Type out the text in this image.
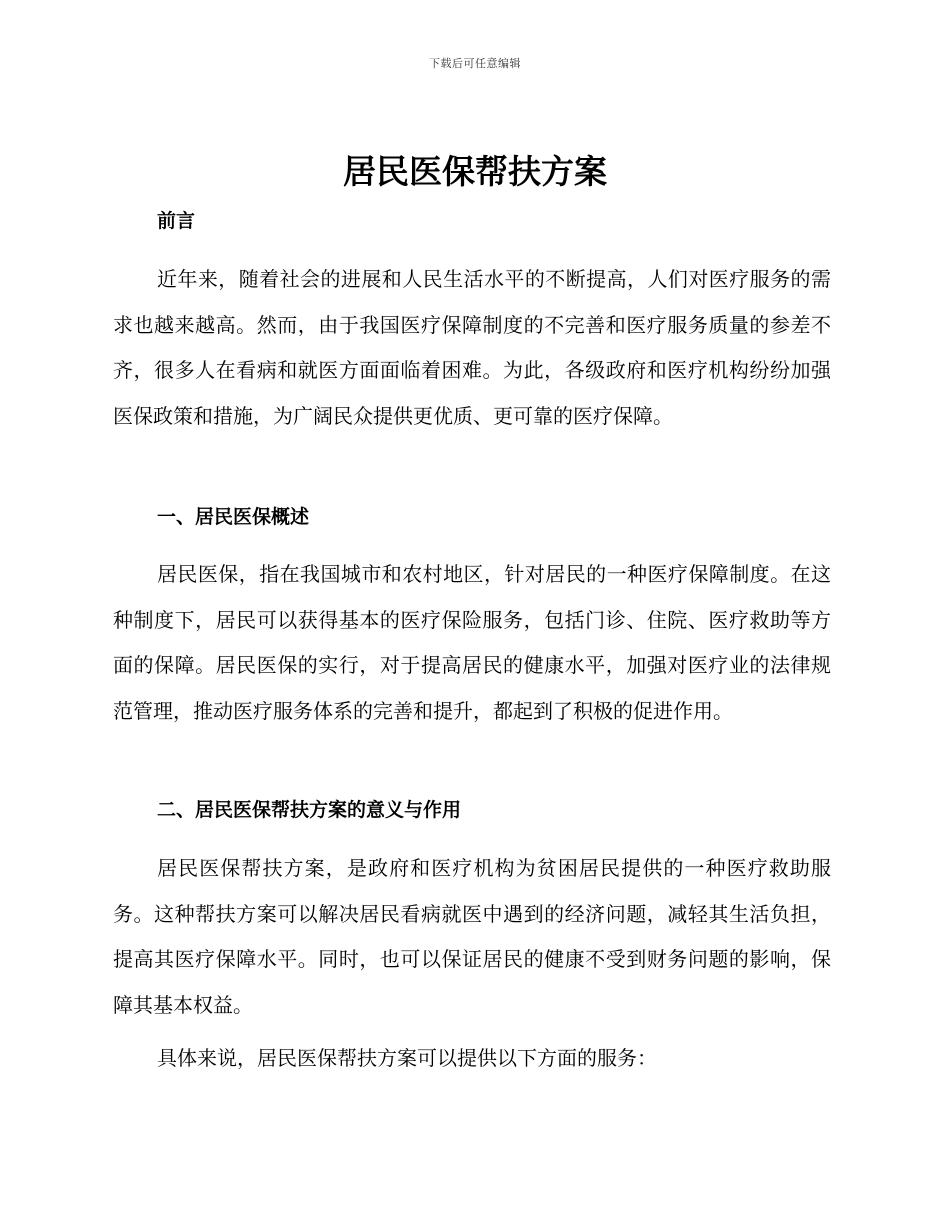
下载后可任意编辑
居民医保帮扶方案
前言

近年来，随着社会的进展和人民生活水平的不断提高，人们对医疗服务的需求也越来越高。然而，由于我国医疗保障制度的不完善和医疗服务质量的参差不齐，很多人在看病和就医方面面临着困难。为此，各级政府和医疗机构纷纷加强医保政策和措施，为广阔民众提供更优质、更可靠的医疗保障。

一、居民医保概述

居民医保，指在我国城市和农村地区，针对居民的一种医疗保障制度。在这种制度下，居民可以获得基本的医疗保险服务，包括门诊、住院、医疗救助等方面的保障。居民医保的实行，对于提高居民的健康水平，加强对医疗业的法律规范管理，推动医疗服务体系的完善和提升，都起到了积极的促进作用。

二、居民医保帮扶方案的意义与作用

居民医保帮扶方案，是政府和医疗机构为贫困居民提供的一种医疗救助服务。这种帮扶方案可以解决居民看病就医中遇到的经济问题，减轻其生活负担，提高其医疗保障水平。同时，也可以保证居民的健康不受到财务问题的影响，保障其基本权益。

具体来说，居民医保帮扶方案可以提供以下方面的服务：
